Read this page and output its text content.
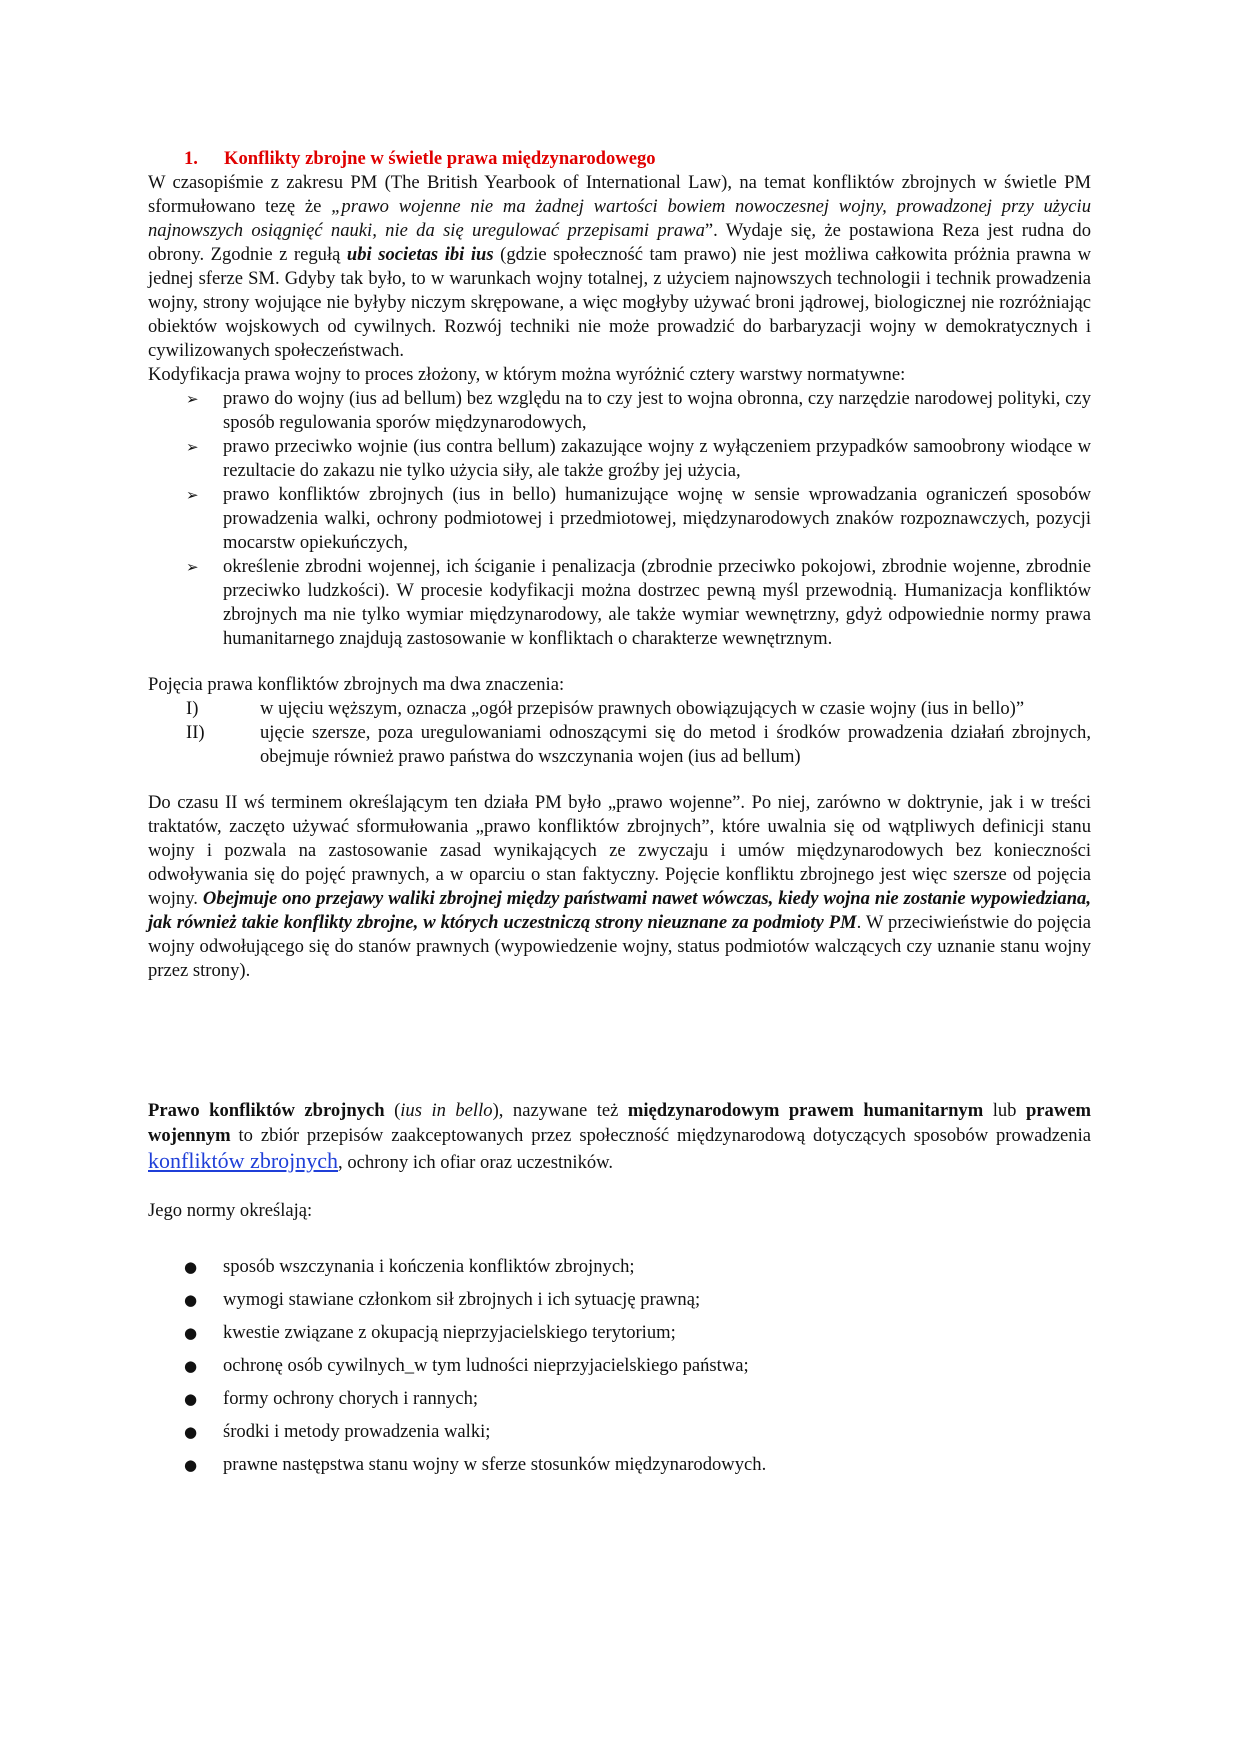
1. Konflikty zbrojne w świetle prawa międzynarodowego

W czasopiśmie z zakresu PM (The British Yearbook of International Law), na temat konfliktów zbrojnych w świetle PM sformułowano tezę że „prawo wojenne nie ma żadnej wartości bowiem nowoczesnej wojny, prowadzonej przy użyciu najnowszych osiągnięć nauki, nie da się uregulować przepisami prawa”. Wydaje się, że postawiona Reza jest rudna do obrony. Zgodnie z regułą ubi societas ibi ius (gdzie społeczność tam prawo) nie jest możliwa całkowita próżnia prawna w jednej sferze SM. Gdyby tak było, to w warunkach wojny totalnej, z użyciem najnowszych technologii i technik prowadzenia wojny, strony wojujące nie byłyby niczym skrępowane, a więc mogłyby używać broni jądrowej, biologicznej nie rozróżniając obiektów wojskowych od cywilnych. Rozwój techniki nie może prowadzić do barbaryzacji wojny w demokratycznych i cywilizowanych społeczeństwach.

Kodyfikacja prawa wojny to proces złożony, w którym można wyróżnić cztery warstwy normatywne:

➢ prawo do wojny (ius ad bellum) bez względu na to czy jest to wojna obronna, czy narzędzie narodowej polityki, czy sposób regulowania sporów międzynarodowych,
➢ prawo przeciwko wojnie (ius contra bellum) zakazujące wojny z wyłączeniem przypadków samoobrony wiodące w rezultacie do zakazu nie tylko użycia siły, ale także groźby jej użycia,
➢ prawo konfliktów zbrojnych (ius in bello) humanizujące wojnę w sensie wprowadzania ograniczeń sposobów prowadzenia walki, ochrony podmiotowej i przedmiotowej, międzynarodowych znaków rozpoznawczych, pozycji mocarstw opiekuńczych,
➢ określenie zbrodni wojennej, ich ściganie i penalizacja (zbrodnie przeciwko pokojowi, zbrodnie wojenne, zbrodnie przeciwko ludzkości). W procesie kodyfikacji można dostrzec pewną myśl przewodnią. Humanizacja konfliktów zbrojnych ma nie tylko wymiar międzynarodowy, ale także wymiar wewnętrzny, gdyż odpowiednie normy prawa humanitarnego znajdują zastosowanie w konfliktach o charakterze wewnętrznym.

Pojęcia prawa konfliktów zbrojnych ma dwa znaczenia:

I)	w ujęciu węższym, oznacza „ogół przepisów prawnych obowiązujących w czasie wojny (ius in bello)”
II)	ujęcie szersze, poza uregulowaniami odnoszącymi się do metod i środków prowadzenia działań zbrojnych, obejmuje również prawo państwa do wszczynania wojen (ius ad bellum)

Do czasu II wś terminem określającym ten działa PM było „prawo wojenne”. Po niej, zarówno w doktrynie, jak i w treści traktatów, zaczęto używać sformułowania „prawo konfliktów zbrojnych”, które uwalnia się od wątpliwych definicji stanu wojny i pozwala na zastosowanie zasad wynikających ze zwyczaju i umów międzynarodowych bez konieczności odwoływania się do pojęć prawnych, a w oparciu o stan faktyczny. Pojęcie konfliktu zbrojnego jest więc szersze od pojęcia wojny. Obejmuje ono przejawy waliki zbrojnej między państwami nawet wówczas, kiedy wojna nie zostanie wypowiedziana, jak również takie konflikty zbrojne, w których uczestniczą strony nieuznane za podmioty PM. W przeciwieństwie do pojęcia wojny odwołującego się do stanów prawnych (wypowiedzenie wojny, status podmiotów walczących czy uznanie stanu wojny przez strony).

Prawo konfliktów zbrojnych (ius in bello), nazywane też międzynarodowym prawem humanitarnym lub prawem wojennym to zbiór przepisów zaakceptowanych przez społeczność międzynarodową dotyczących sposobów prowadzenia konfliktów zbrojnych, ochrony ich ofiar oraz uczestników.

Jego normy określają:

● sposób wszczynania i kończenia konfliktów zbrojnych;
● wymogi stawiane członkom sił zbrojnych i ich sytuację prawną;
● kwestie związane z okupacją nieprzyjacielskiego terytorium;
● ochronę osób cywilnych_w tym ludności nieprzyjacielskiego państwa;
● formy ochrony chorych i rannych;
● środki i metody prowadzenia walki;
● prawne następstwa stanu wojny w sferze stosunków międzynarodowych.
